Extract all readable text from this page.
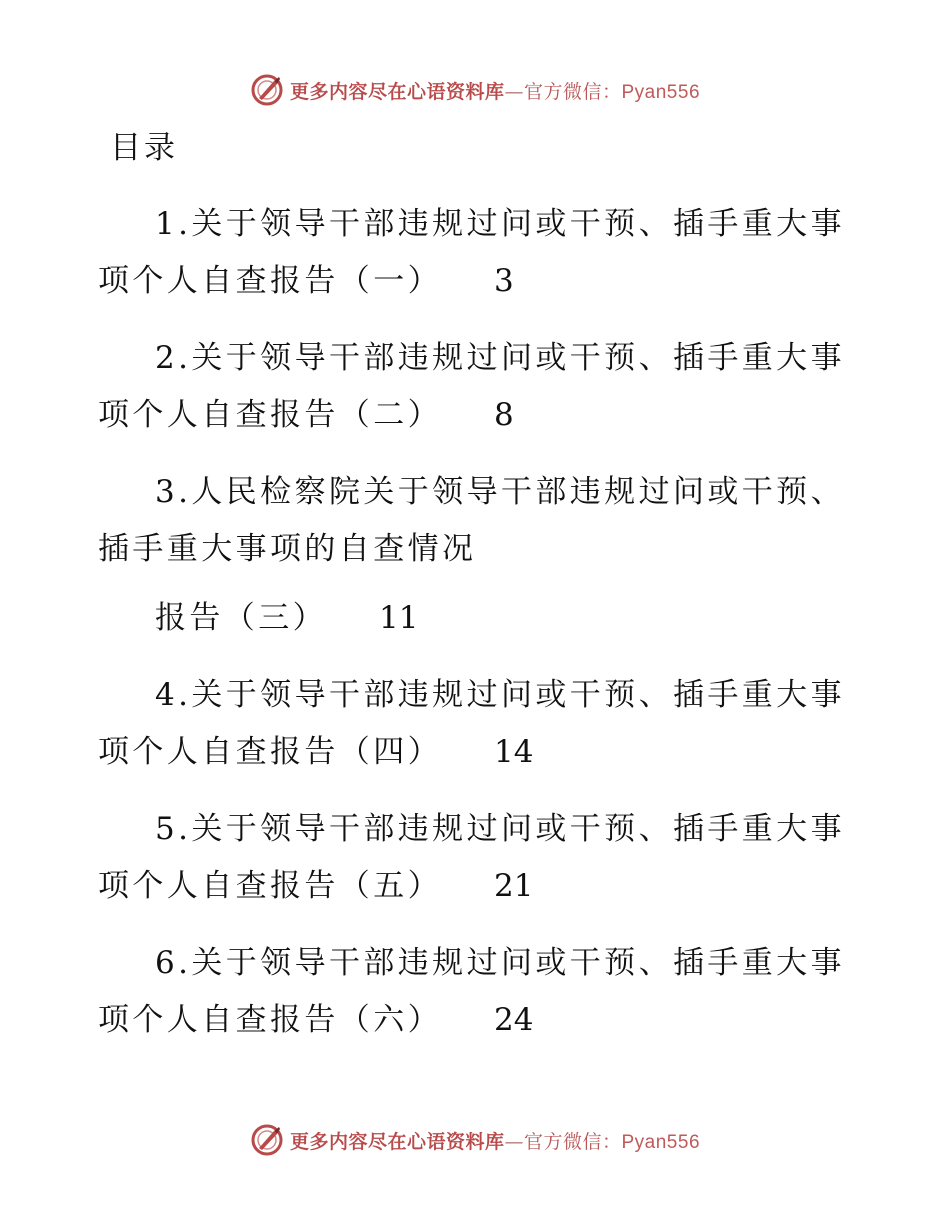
更多内容尽在心语资料库—官方微信：Pyan556
目录

1.关于领导干部违规过问或干预、插手重大事
项个人自查报告（一） 3

2.关于领导干部违规过问或干预、插手重大事
项个人自查报告（二） 8

3.人民检察院关于领导干部违规过问或干预、
插手重大事项的自查情况
报告（三） 11

4.关于领导干部违规过问或干预、插手重大事
项个人自查报告（四） 14

5.关于领导干部违规过问或干预、插手重大事
项个人自查报告（五） 21

6.关于领导干部违规过问或干预、插手重大事
项个人自查报告（六） 24

更多内容尽在心语资料库—官方微信：Pyan556
